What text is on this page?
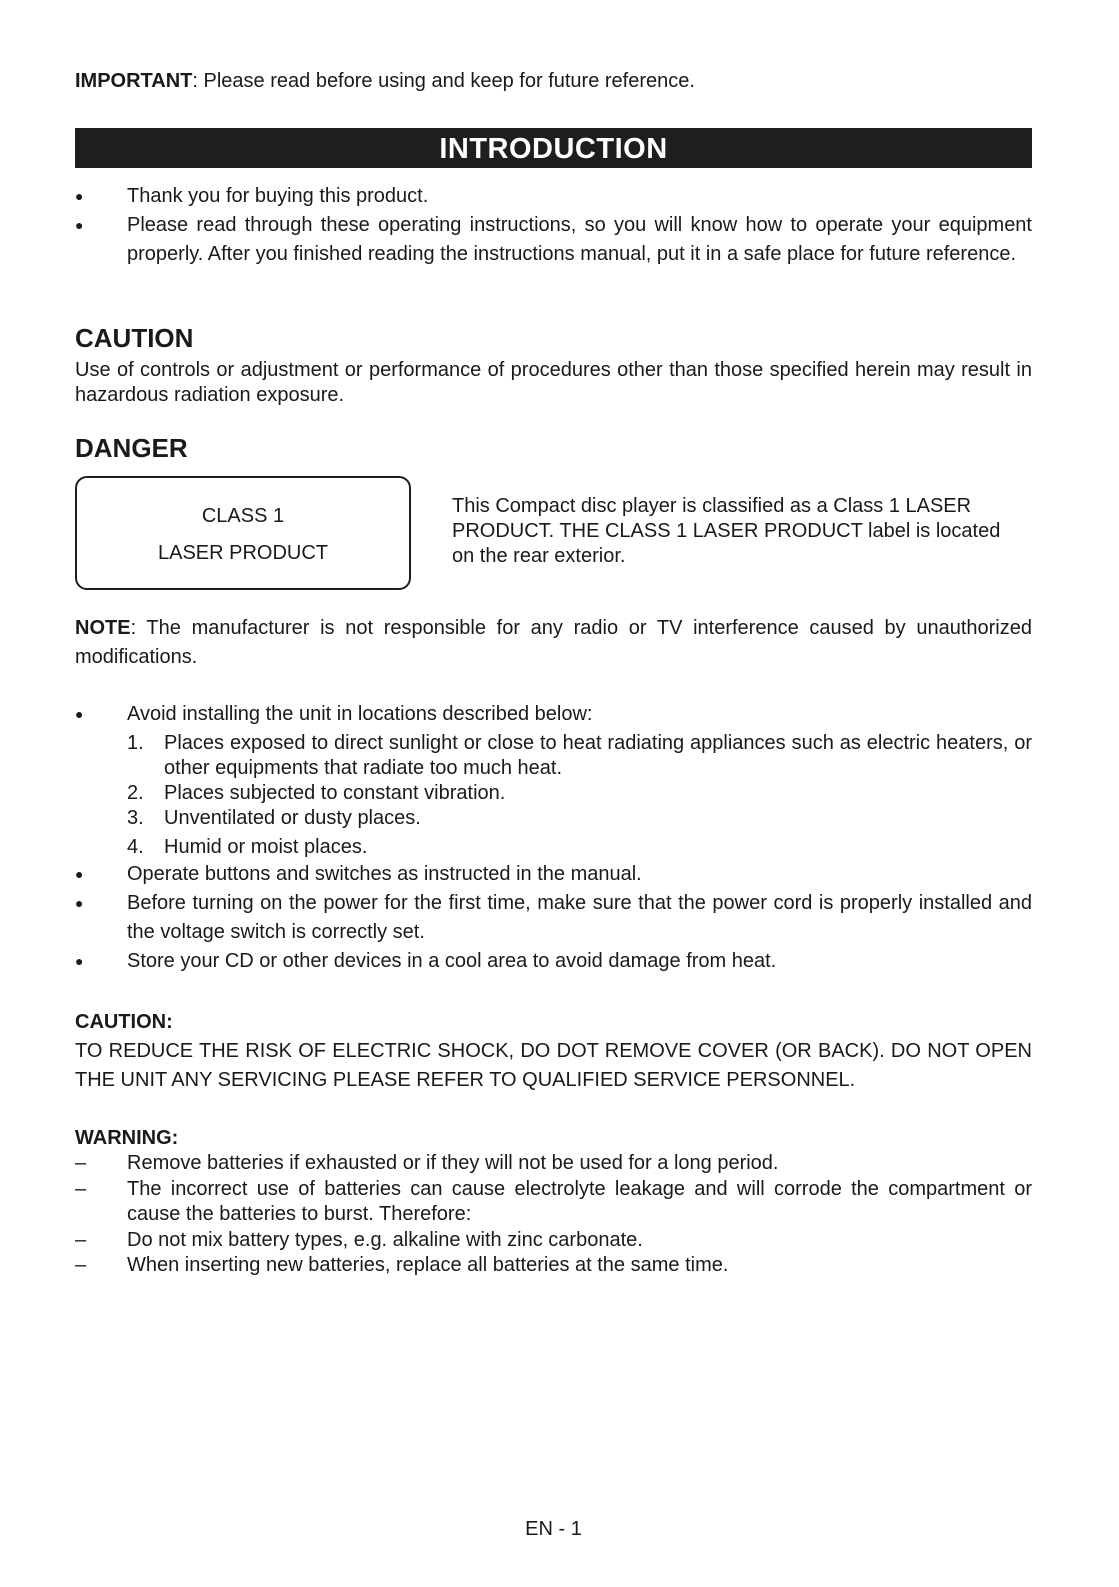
IMPORTANT: Please read before using and keep for future reference.
INTRODUCTION
●	Thank you for buying this product.
●	Please read through these operating instructions, so you will know how to operate your equipment properly. After you finished reading the instructions manual, put it in a safe place for future reference.
CAUTION
Use of controls or adjustment or performance of procedures other than those specified herein may result in hazardous radiation exposure.
DANGER
CLASS 1
LASER PRODUCT
This Compact disc player is classified as a Class 1 LASER PRODUCT. THE CLASS 1 LASER PRODUCT label is located on the rear exterior.
NOTE: The manufacturer is not responsible for any radio or TV interference caused by unauthorized modifications.
●	Avoid installing the unit in locations described below:
1. Places exposed to direct sunlight or close to heat radiating appliances such as electric heaters, or other equipments that radiate too much heat.
2. Places subjected to constant vibration.
3. Unventilated or dusty places.
4. Humid or moist places.
●	Operate buttons and switches as instructed in the manual.
●	Before turning on the power for the first time, make sure that the power cord is properly installed and the voltage switch is correctly set.
●	Store your CD or other devices in a cool area to avoid damage from heat.
CAUTION:
TO REDUCE THE RISK OF ELECTRIC SHOCK, DO DOT REMOVE COVER (OR BACK). DO NOT OPEN THE UNIT ANY SERVICING PLEASE REFER TO QUALIFIED SERVICE PERSONNEL.
WARNING:
–	Remove batteries if exhausted or if they will not be used for a long period.
–	The incorrect use of batteries can cause electrolyte leakage and will corrode the compartment or cause the batteries to burst. Therefore:
–	Do not mix battery types, e.g. alkaline with zinc carbonate.
–	When inserting new batteries, replace all batteries at the same time.
EN - 1
